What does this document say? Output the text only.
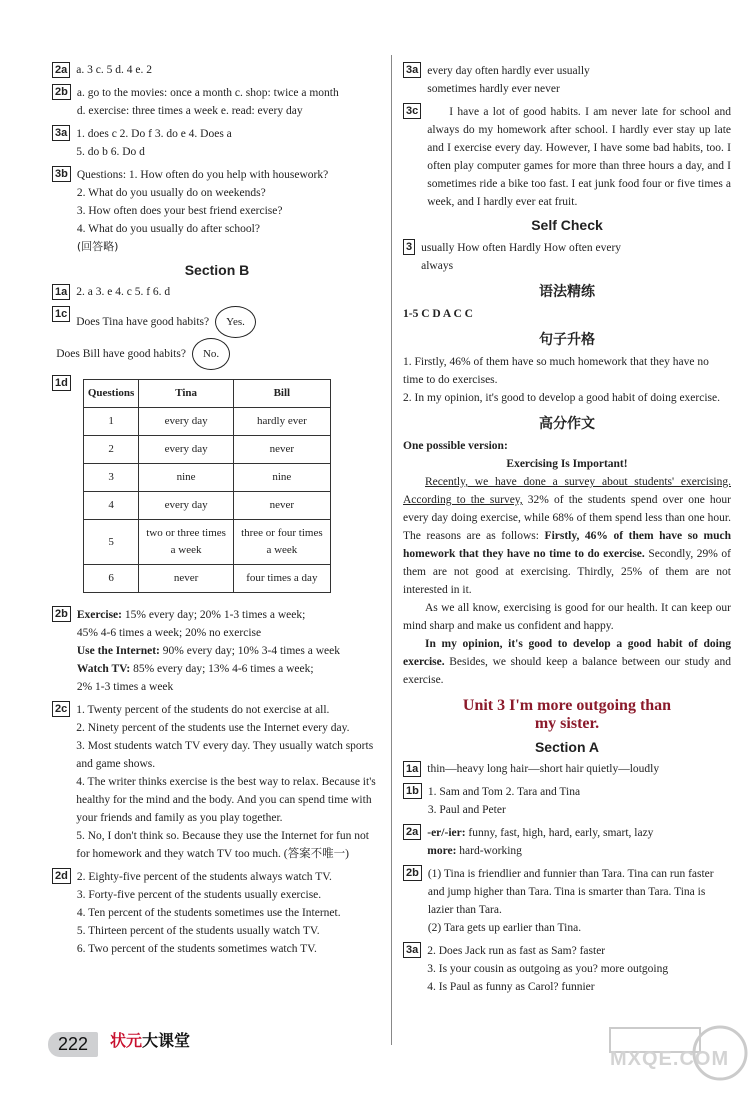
2a a. 3 c. 5 d. 4 e. 2
2b a. go to the movies: once a month c. shop: twice a month
d. exercise: three times a week e. read: every day
3a 1. does c 2. Do f 3. do e 4. Does a
5. do b 6. Do d
3b Questions: 1. How often do you help with housework?
2. What do you usually do on weekends?
3. How often does your best friend exercise?
4. What do you usually do after school?
(回答略)
Section B
1a 2. a 3. e 4. c 5. f 6. d
1c
Does Tina have good habits? Yes.
Does Bill have good habits? No.
1d
Questions	Tina	Bill
1	every day	hardly ever
2	every day	never
3	nine	nine
4	every day	never
5	two or three times a week	three or four times a week
6	never	four times a day
2b Exercise: 15% every day; 20% 1-3 times a week;
45% 4-6 times a week; 20% no exercise
Use the Internet: 90% every day; 10% 3-4 times a week
Watch TV: 85% every day; 13% 4-6 times a week;
2% 1-3 times a week
2c 1. Twenty percent of the students do not exercise at all.
2. Ninety percent of the students use the Internet every day.
3. Most students watch TV every day. They usually watch sports and game shows.
4. The writer thinks exercise is the best way to relax. Because it's healthy for the mind and the body. And you can spend time with your friends and family as you play together.
5. No, I don't think so. Because they use the Internet for fun not for homework and they watch TV too much. (答案不唯一)
2d 2. Eighty-five percent of the students always watch TV.
3. Forty-five percent of the students usually exercise.
4. Ten percent of the students sometimes use the Internet.
5. Thirteen percent of the students usually watch TV.
6. Two percent of the students sometimes watch TV.
3a every day often hardly ever usually
sometimes hardly ever never
3c	I have a lot of good habits. I am never late for school and always do my homework after school. I hardly ever stay up late and I exercise every day. However, I have some bad habits, too. I often play computer games for more than three hours a day, and I sometimes ride a bike too fast. I eat junk food four or five times a week, and I hardly ever eat fruit.

Self Check
3 usually How often Hardly How often every
always
语法精练
1-5 C D A C C
句子升格
1. Firstly, 46% of them have so much homework that they have no time to do exercises.
2. In my opinion, it's good to develop a good habit of doing exercise.
高分作文
One possible version:
Exercising Is Important!

Recently, we have done a survey about students' exercising. According to the survey, 32% of the students spend over one hour every day doing exercise, while 68% of them spend less than one hour. The reasons are as follows: Firstly, 46% of them have so much homework that they have no time to do exercise. Secondly, 29% of them are not good at exercising. Thirdly, 25% of them are not interested in it.

As we all know, exercising is good for our health. It can keep our mind sharp and make us confident and happy.

In my opinion, it's good to develop a good habit of doing exercise. Besides, we should keep a balance between our study and exercise.

Unit 3 I'm more outgoing than
my sister.
Section A
1a thin—heavy long hair—short hair quietly—loudly
1b 1. Sam and Tom 2. Tara and Tina
3. Paul and Peter
2a -er/-ier: funny, fast, high, hard, early, smart, lazy
more: hard-working
2b (1) Tina is friendlier and funnier than Tara. Tina can run faster and jump higher than Tara. Tina is smarter than Tara. Tina is lazier than Tara.
(2) Tara gets up earlier than Tina.
3a 2. Does Jack run as fast as Sam? faster
3. Is your cousin as outgoing as you? more outgoing
4. Is Paul as funny as Carol? funnier
222	状元大课堂
MXQE.COM
